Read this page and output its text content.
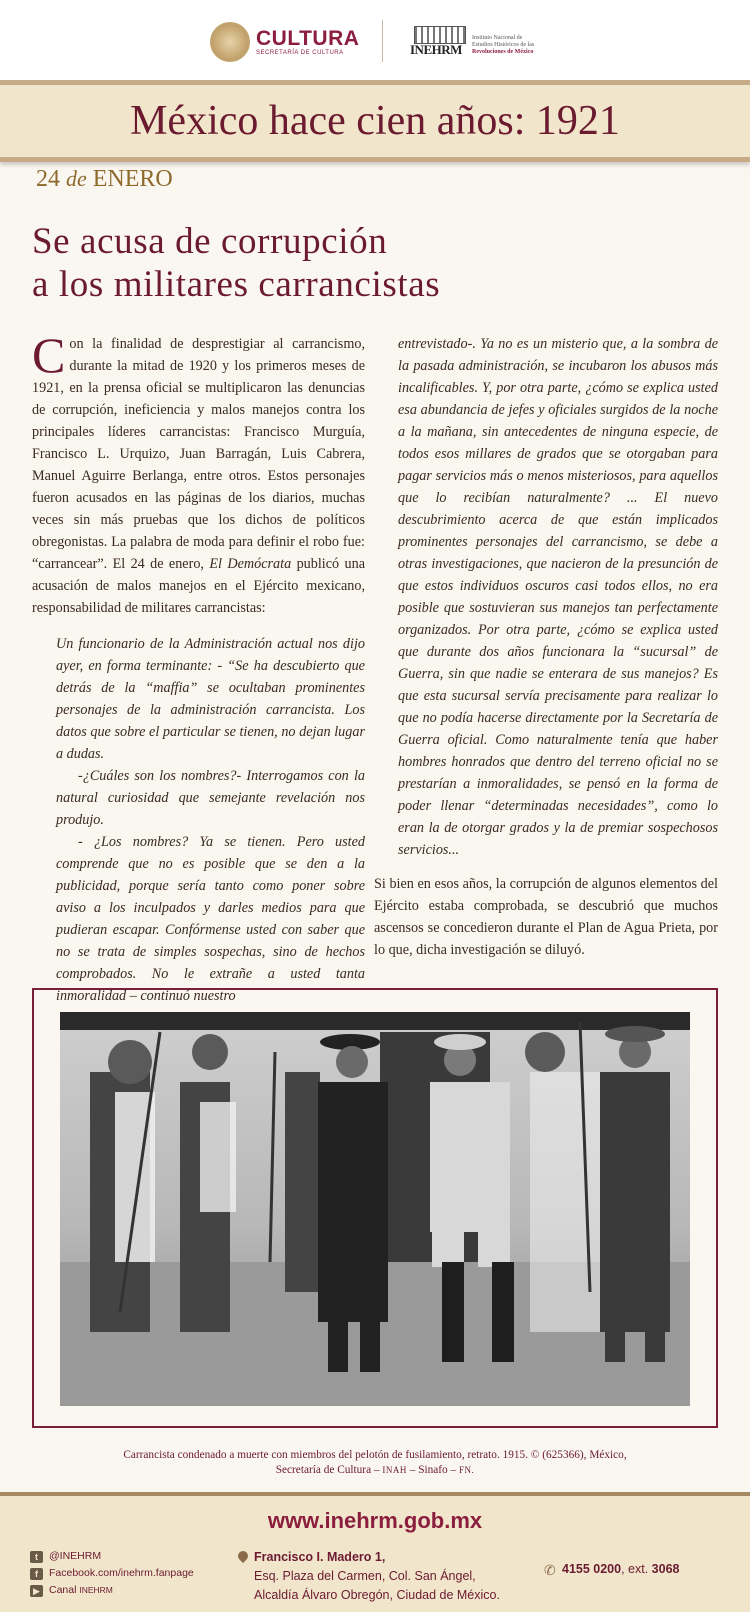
CULTURA
SECRETARÍA DE CULTURA	INEHRM
Instituto Nacional de
Estudios Históricos de las
Revoluciones de México
México hace cien años: 1921
24 de ENERO
Se acusa de corrupción
a los militares carrancistas

Con la finalidad de desprestigiar al carrancismo, durante la mitad de 1920 y los primeros meses de 1921, en la prensa oficial se multiplicaron las denuncias de corrupción, ineficiencia y malos manejos contra los principales líderes carrancistas: Francisco Murguía, Francisco L. Urquizo, Juan Barragán, Luis Cabrera, Manuel Aguirre Berlanga, entre otros. Estos personajes fueron acusados en las páginas de los diarios, muchas veces sin más pruebas que los dichos de políticos obregonistas. La palabra de moda para definir el robo fue: “carrancear”. El 24 de enero, El Demócrata publicó una acusación de malos manejos en el Ejército mexicano, responsabilidad de militares carrancistas:

Un funcionario de la Administración actual nos dijo ayer, en forma terminante: - “Se ha descubierto que detrás de la “maffia” se ocultaban prominentes personajes de la administración carrancista. Los datos que sobre el particular se tienen, no dejan lugar a dudas.

-¿Cuáles son los nombres?- Interrogamos con la natural curiosidad que semejante revelación nos produjo.

- ¿Los nombres? Ya se tienen. Pero usted comprende que no es posible que se den a la publicidad, porque sería tanto como poner sobre aviso a los inculpados y darles medios para que pudieran escapar. Confórmense usted con saber que no se trata de simples sospechas, sino de hechos comprobados. No le extrañe a usted tanta inmoralidad – continuó nuestro

entrevistado-. Ya no es un misterio que, a la sombra de la pasada administración, se incubaron los abusos más incalificables. Y, por otra parte, ¿cómo se explica usted esa abundancia de jefes y oficiales surgidos de la noche a la mañana, sin antecedentes de ninguna especie, de todos esos millares de grados que se otorgaban para pagar servicios más o menos misteriosos, para aquellos que lo recibían naturalmente? ... El nuevo descubrimiento acerca de que están implicados prominentes personajes del carrancismo, se debe a otras investigaciones, que nacieron de la presunción de que estos individuos oscuros casi todos ellos, no era posible que sostuvieran sus manejos tan perfectamente organizados. Por otra parte, ¿cómo se explica usted que durante dos años funcionara la “sucursal” de Guerra, sin que nadie se enterara de sus manejos? Es que esta sucursal servía precisamente para realizar lo que no podía hacerse directamente por la Secretaría de Guerra oficial. Como naturalmente tenía que haber hombres honrados que dentro del terreno oficial no se prestarían a inmoralidades, se pensó en la forma de poder llenar “determinadas necesidades”, como lo eran la de otorgar grados y la de premiar sospechosos servicios...

Si bien en esos años, la corrupción de algunos elementos del Ejército estaba comprobada, se descubrió que muchos ascensos se concedieron durante el Plan de Agua Prieta, por lo que, dicha investigación se diluyó.

Carrancista condenado a muerte con miembros del pelotón de fusilamiento, retrato. 1915. © (625366), México,
Secretaría de Cultura – INAH – Sinafo – FN.
www.inehrm.gob.mx
t	@INEHRM
f	Facebook.com/inehrm.fanpage
▶ Canal
INEHRM
Francisco I. Madero 1,
Esq. Plaza del Carmen, Col. San Ángel,
Alcaldía Álvaro Obregón, Ciudad de México.
✆ 4155 0200, ext. 3068
